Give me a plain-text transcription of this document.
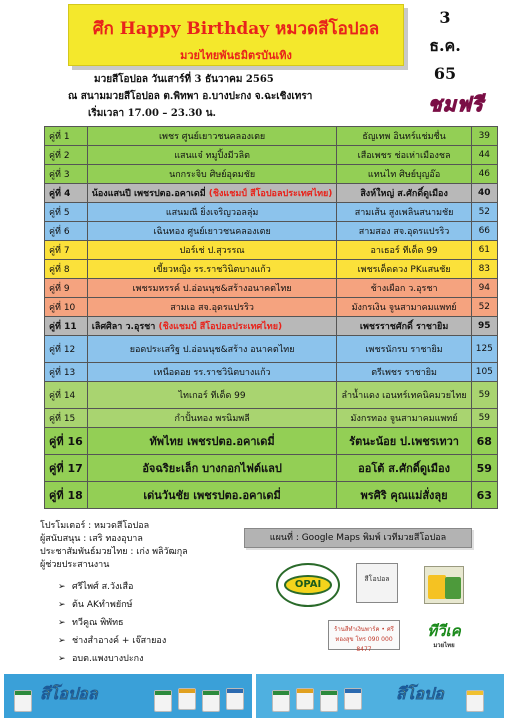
ศึก Happy Birthday หมวดสีโอปอล
มวยไทยพันธมิตรบันเทิง
3
ธ.ค.
65
ชมฟรี
มวยสีโอปอล วันเสาร์ที่ 3 ธันวาคม 2565
ณ สนามมวยสีโอปอล ต.พิทพา อ.บางปะกง จ.ฉะเชิงเทรา
เริ่มเวลา 17.00 – 23.30 น.
คู่ที่ 1	เพชร ศูนย์เยาวชนคลองเตย	ธัญเทพ อินทร์แช่มชื่น	39
คู่ที่ 2	แสนแจ๋ ทมูปิ้งมีวลิต	เสือเพชร ช่อเห่าเมืองชล	44
คู่ที่ 3	นกกระจิบ ศิษย์อุดมชัย	แทนไท ศิษย์บุญอ๊อ	46
คู่ที่ 4	น้องแสนปี เพชรปตอ.อคาเดมี่ (ชิงแชมป์ สีโอปอลประเทศไทย)	สิงห์ใหญ่ ส.ศักดิ์ดูเมือง	40
คู่ที่ 5	แสนมณี ยิ่งเจริญวอลลุ่ม	สามเส้น สูงเพลินสนามชัย	52
คู่ที่ 6	เฉินทอง ศูนย์เยาวชนคลองเตย	สามสอง สจ.อุดรแปรริว	66
คู่ที่ 7	ปอร์เช่ ป.สุวรรณ	อาเธอร์ ทีเด็ด 99	61
คู่ที่ 8	เขี้ยวหญิง รร.ราชวินิตบางแก้ว	เพชรเด็ดดวง PKแสนชัย	83
คู่ที่ 9	เพชรมหรรค์ ป.อ่อนนุช&สร้างอนาคตไทย	ช้างเผือก ว.อุรชา	94
คู่ที่ 10	สามเอ สจ.อุดรแปรริว	มังกรเงิน จูนสามาคมแพทย์	52
คู่ที่ 11	เลิศศิลา ว.อุรชา (ชิงแชมป์ สีโอปอลประเทศไทย)	เพชรราชศักดิ์ ราชายิม	95
คู่ที่ 12	ยอดประเสริฐ ป.อ่อนนุช&สร้าง อนาคตไทย	เพชรนักรบ ราชายิม	125
คู่ที่ 13	เหนือดอย รร.ราชวินิตบางแก้ว	ตรีเพชร ราชายิม	105
คู่ที่ 14	ไทเกอร์ ทีเด็ด 99	ลำน้ำแดง เอนทร์เทคนิคมวยไทย	59
คู่ที่ 15	กำปั้นทอง พรนิมพลี	มังกรทอง จูนสามาคมแพทย์	59
คู่ที่ 16	ทัพไทย เพชรปตอ.อคาเดมี่	รัตนะน้อย ป.เพชรเทวา	68
คู่ที่ 17	อัจฉริยะเล็ก บางกอกไฟต์แลป	ออโต้ ส.ศักดิ์ดูเมือง	59
คู่ที่ 18	เด่นวันชัย เพชรปตอ.อคาเดมี่	พรศิริ คุณแม่สั่งลุย	63
โปรโมเตอร์ : หมวดสีโอปอล
ผู้สนับสนุน : เสริ ทองอุบาล
ประชาสัมพันธ์มวยไทย : เก่ง พลิวัฒกุล
ผู้ช่วยประสานงาน
➢ ศรีไพศ์ ส.วังเสือ
➢ ต้น AKทำพยักษ์
➢ ทวีคูณ พิพัทธ
➢ ช่างสำอางค์ + เจ๊สายอง
➢ อบต.แพงบางปะกง
แผนที่ : Google Maps พิมพ์ เวทีมวยสีโอปอล
OPAI	สีโอปอล
ร้านสีทำเงินพาร์ค • ศรีทองสุข โทร 090 000 8477
ทีวีเค
มวยไทย
สีโอปอล	สีโอปอ
